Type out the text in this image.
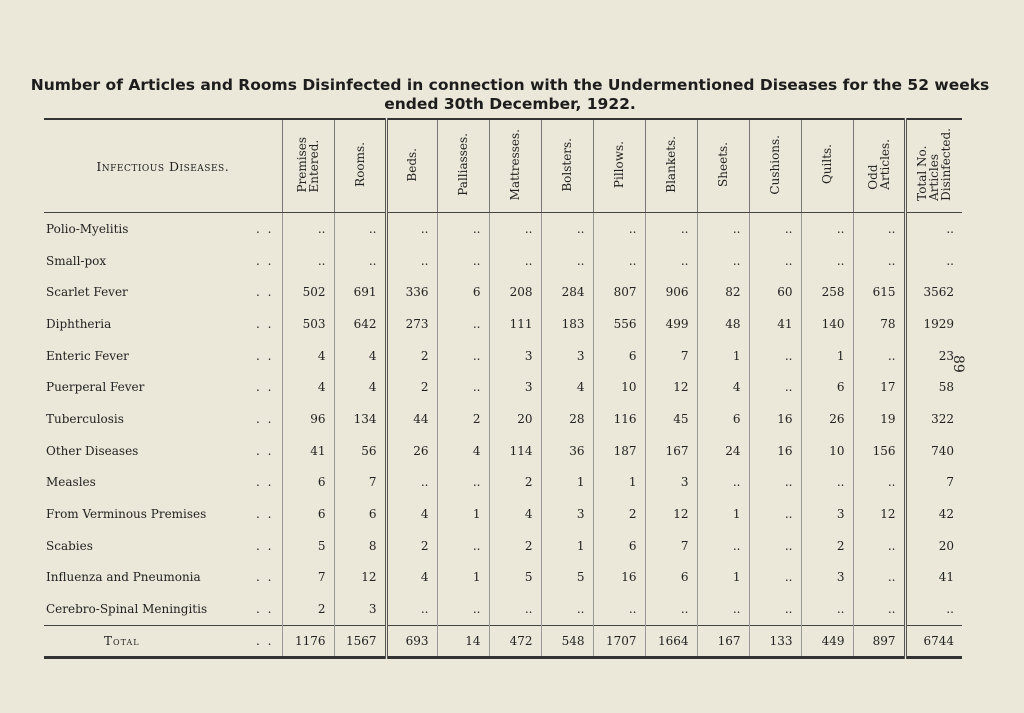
Number of Articles and Rooms Disinfected in connection with the Undermentioned Diseases for the 52 weeks ended 30th December, 1922.
Infectious Diseases.	Premises
Entered.	Rooms.	Beds.	Palliasses.	Mattresses.	Bolsters.	Pillows.	Blankets.	Sheets.	Cushions.	Quilts.	Odd
Articles.	Total No.
Articles
Disinfected.
Polio-Myelitis . .	..	..	..	..	..	..	..	..	..	..	..	..	..
Small-pox . .	..	..	..	..	..	..	..	..	..	..	..	..	..
Scarlet Fever . .	502	691	336	6	208	284	807	906	82	60	258	615	3562
Diphtheria . .	503	642	273	..	111	183	556	499	48	41	140	78	1929
Enteric Fever . .	4	4	2	..	3	3	6	7	1	..	1	..	23
Puerperal Fever . .	4	4	2	..	3	4	10	12	4	..	6	17	58
Tuberculosis . .	96	134	44	2	20	28	116	45	6	16	26	19	322
Other Diseases . .	41	56	26	4	114	36	187	167	24	16	10	156	740
Measles . .	6	7	..	..	2	1	1	3	..	..	..	..	7
From Verminous Premises . .	6	6	4	1	4	3	2	12	1	..	3	12	42
Scabies . .	5	8	2	..	2	1	6	7	..	..	2	..	20
Influenza and Pneumonia . .	7	12	4	1	5	5	16	6	1	..	3	..	41
Cerebro-Spinal Meningitis . .	2	3	..	..	..	..	..	..	..	..	..	..	..
Total . .	1176	1567	693	14	472	548	1707	1664	167	133	449	897	6744
89
